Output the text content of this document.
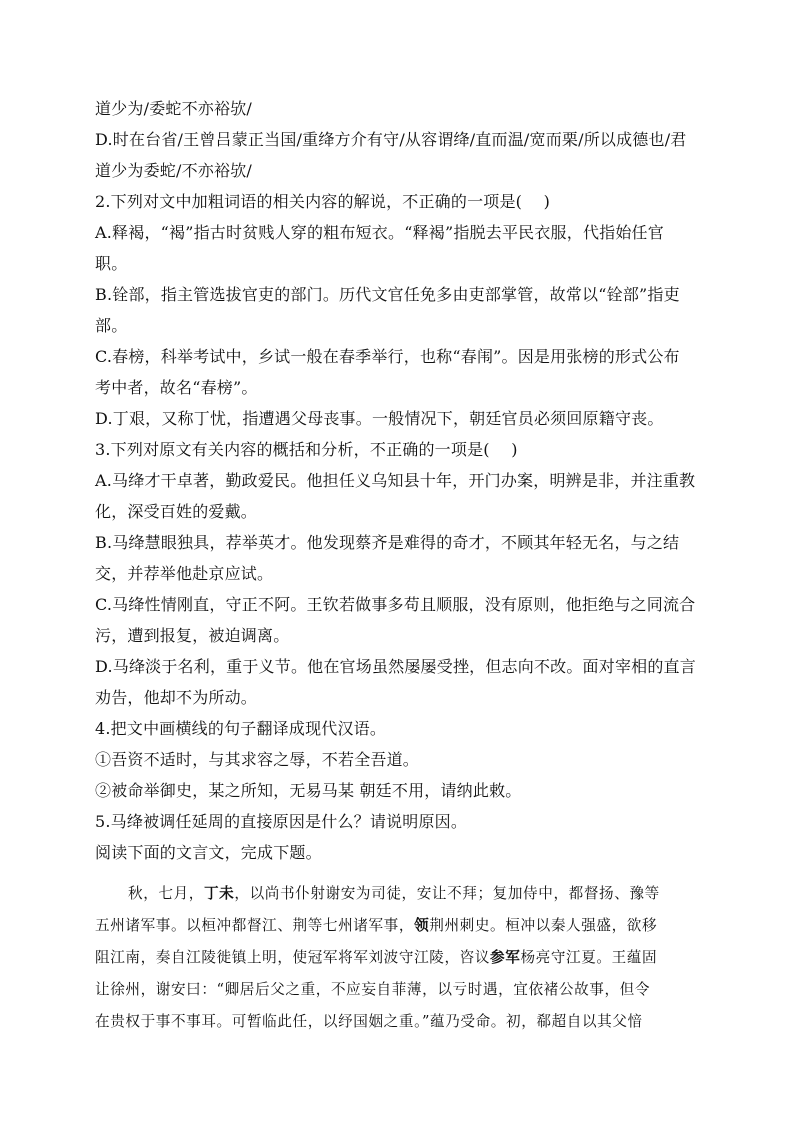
道少为/委蛇不亦裕欤/
D.时在台省/王曾吕蒙正当国/重绛方介有守/从容谓绛/直而温/宽而栗/所以成德也/君
道少为委蛇/不亦裕欤/
2.下列对文中加粗词语的相关内容的解说，不正确的一项是(　 )
A.释褐，“褐”指古时贫贱人穿的粗布短衣。“释褐”指脱去平民衣服，代指始任官
职。
B.铨部，指主管选拔官吏的部门。历代文官任免多由吏部掌管，故常以“铨部”指吏
部。
C.春榜，科举考试中，乡试一般在春季举行，也称“春闱”。因是用张榜的形式公布
考中者，故名“春榜”。
D.丁艰，又称丁忧，指遭遇父母丧事。一般情况下，朝廷官员必须回原籍守丧。
3.下列对原文有关内容的概括和分析，不正确的一项是(　 )
A.马绛才干卓著，勤政爱民。他担任义乌知县十年，开门办案，明辨是非，并注重教
化，深受百姓的爱戴。
B.马绛慧眼独具，荐举英才。他发现蔡齐是难得的奇才，不顾其年轻无名，与之结
交，并荐举他赴京应试。
C.马绛性情刚直，守正不阿。王钦若做事多苟且顺服，没有原则，他拒绝与之同流合
污，遭到报复，被迫调离。
D.马绛淡于名利，重于义节。他在官场虽然屡屡受挫，但志向不改。面对宰相的直言
劝告，他却不为所动。
4.把文中画横线的句子翻译成现代汉语。
①吾资不适时，与其求容之辱，不若全吾道。
②被命举御史，某之所知，无易马某 朝廷不用，请纳此敕。
5.马绛被调任延周的直接原因是什么？请说明原因。
阅读下面的文言文，完成下题。
秋，七月，丁未，以尚书仆射谢安为司徒，安让不拜；复加侍中，都督扬、豫等
五州诸军事。以桓冲都督江、荆等七州诸军事，领荆州刺史。桓冲以秦人强盛，欲移
阻江南，奏自江陵徙镇上明，使冠军将军刘波守江陵，咨议参军杨亮守江夏。王蕴固
让徐州，谢安曰：“卿居后父之重，不应妄自菲薄，以亏时遇，宜依褚公故事，但令
在贵权于事不事耳。可暂临此任，以纾国姻之重。”蕴乃受命。初，郗超自以其父愔
